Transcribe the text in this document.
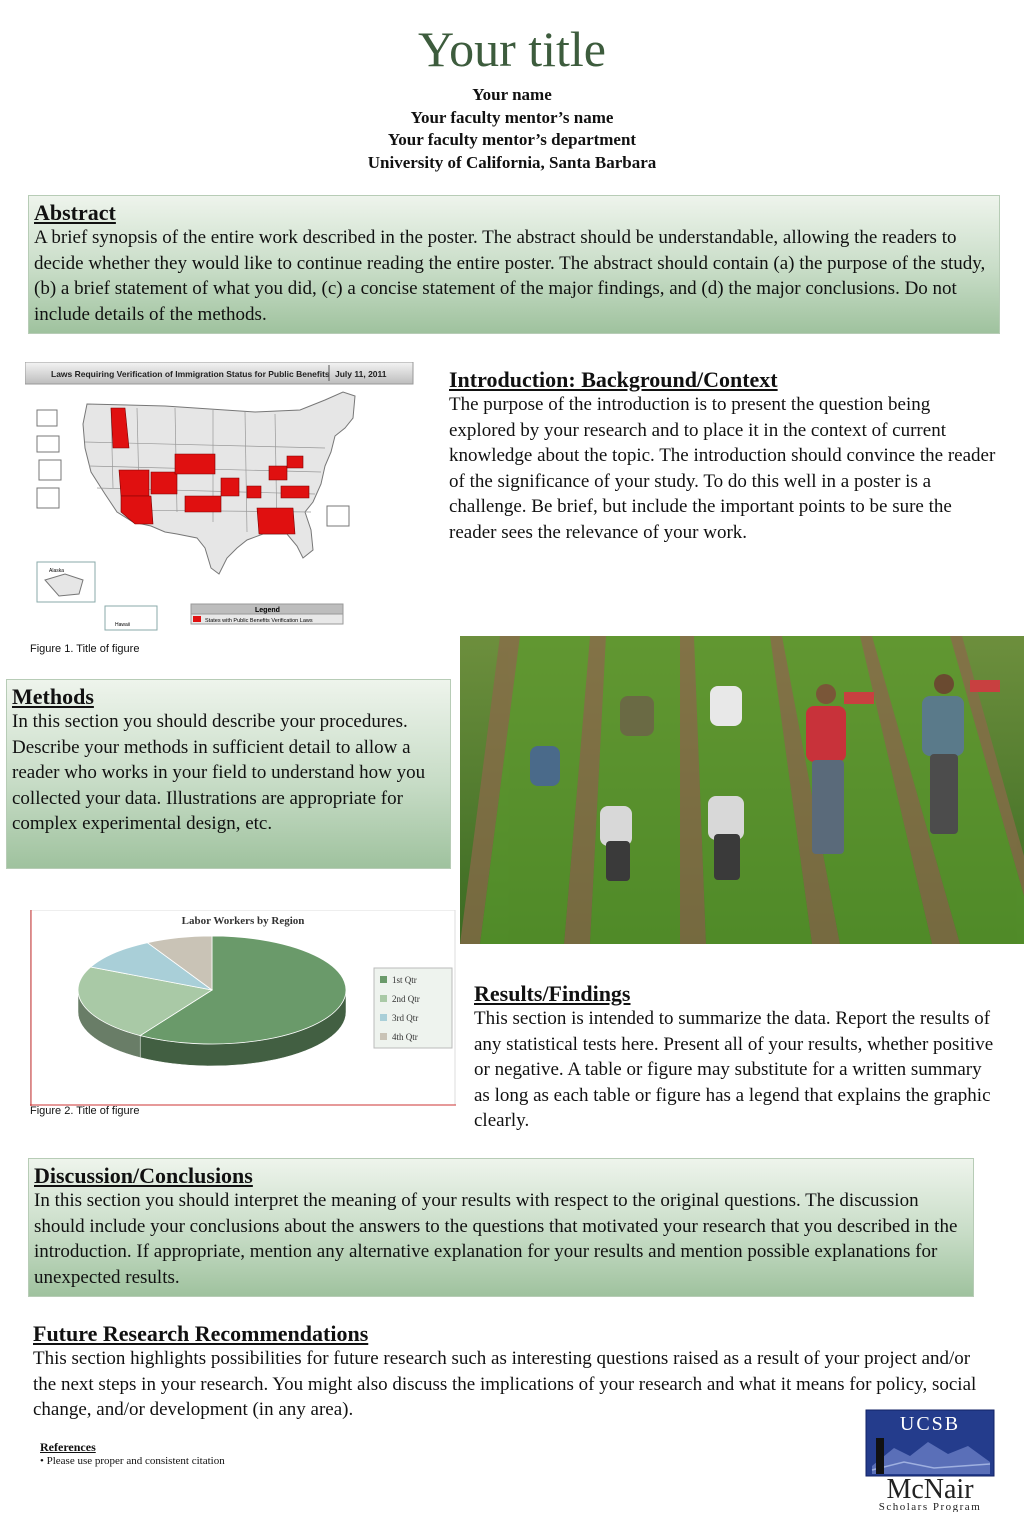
Your title
Your name
Your faculty mentor’s name
Your faculty mentor’s department
University of California, Santa Barbara

Abstract

A brief synopsis of the entire work described in the poster. The abstract should be understandable, allowing the readers to decide whether they would like to continue reading the entire poster. The abstract should contain (a) the purpose of the study, (b) a brief statement of what you did, (c) a concise statement of the major findings, and (d) the major conclusions. Do not include details of the methods.

Laws Requiring Verification of Immigration Status for Public Benefits July 11, 2011
Alaska
Hawaii
Legend
States with Public Benefits Verification Laws
Figure 1. Title of figure

Introduction: Background/Context

The purpose of the introduction is to present the question being explored by your research and to place it in the context of current knowledge about the topic. The introduction should convince the reader of the significance of your study. To do this well in a poster is a challenge. Be brief, but include the important points to be sure the reader sees the relevance of your work.

Methods

In this section you should describe your procedures. Describe your methods in sufficient detail to allow a reader who works in your field to understand how you collected your data. Illustrations are appropriate for complex experimental design, etc.

Labor Workers by Region
1st Qtr
2nd Qtr
3rd Qtr
4th Qtr
Figure 2. Title of figure

Results/Findings

This section is intended to summarize the data. Report the results of any statistical tests here. Present all of your results, whether positive or negative. A table or figure may substitute for a written summary as long as each table or figure has a legend that explains the graphic clearly.

Discussion/Conclusions

In this section you should interpret the meaning of your results with respect to the original questions. The discussion should include your conclusions about the answers to the questions that motivated your research that you described in the introduction. If appropriate, mention any alternative explanation for your results and mention possible explanations for unexpected results.

Future Research Recommendations

This section highlights possibilities for future research such as interesting questions raised as a result of your project and/or the next steps in your research. You might also discuss the implications of your research and what it means for policy, social change, and/or development (in any area).

References
• Please use proper and consistent citation
UCSB
McNair
Scholars Program
